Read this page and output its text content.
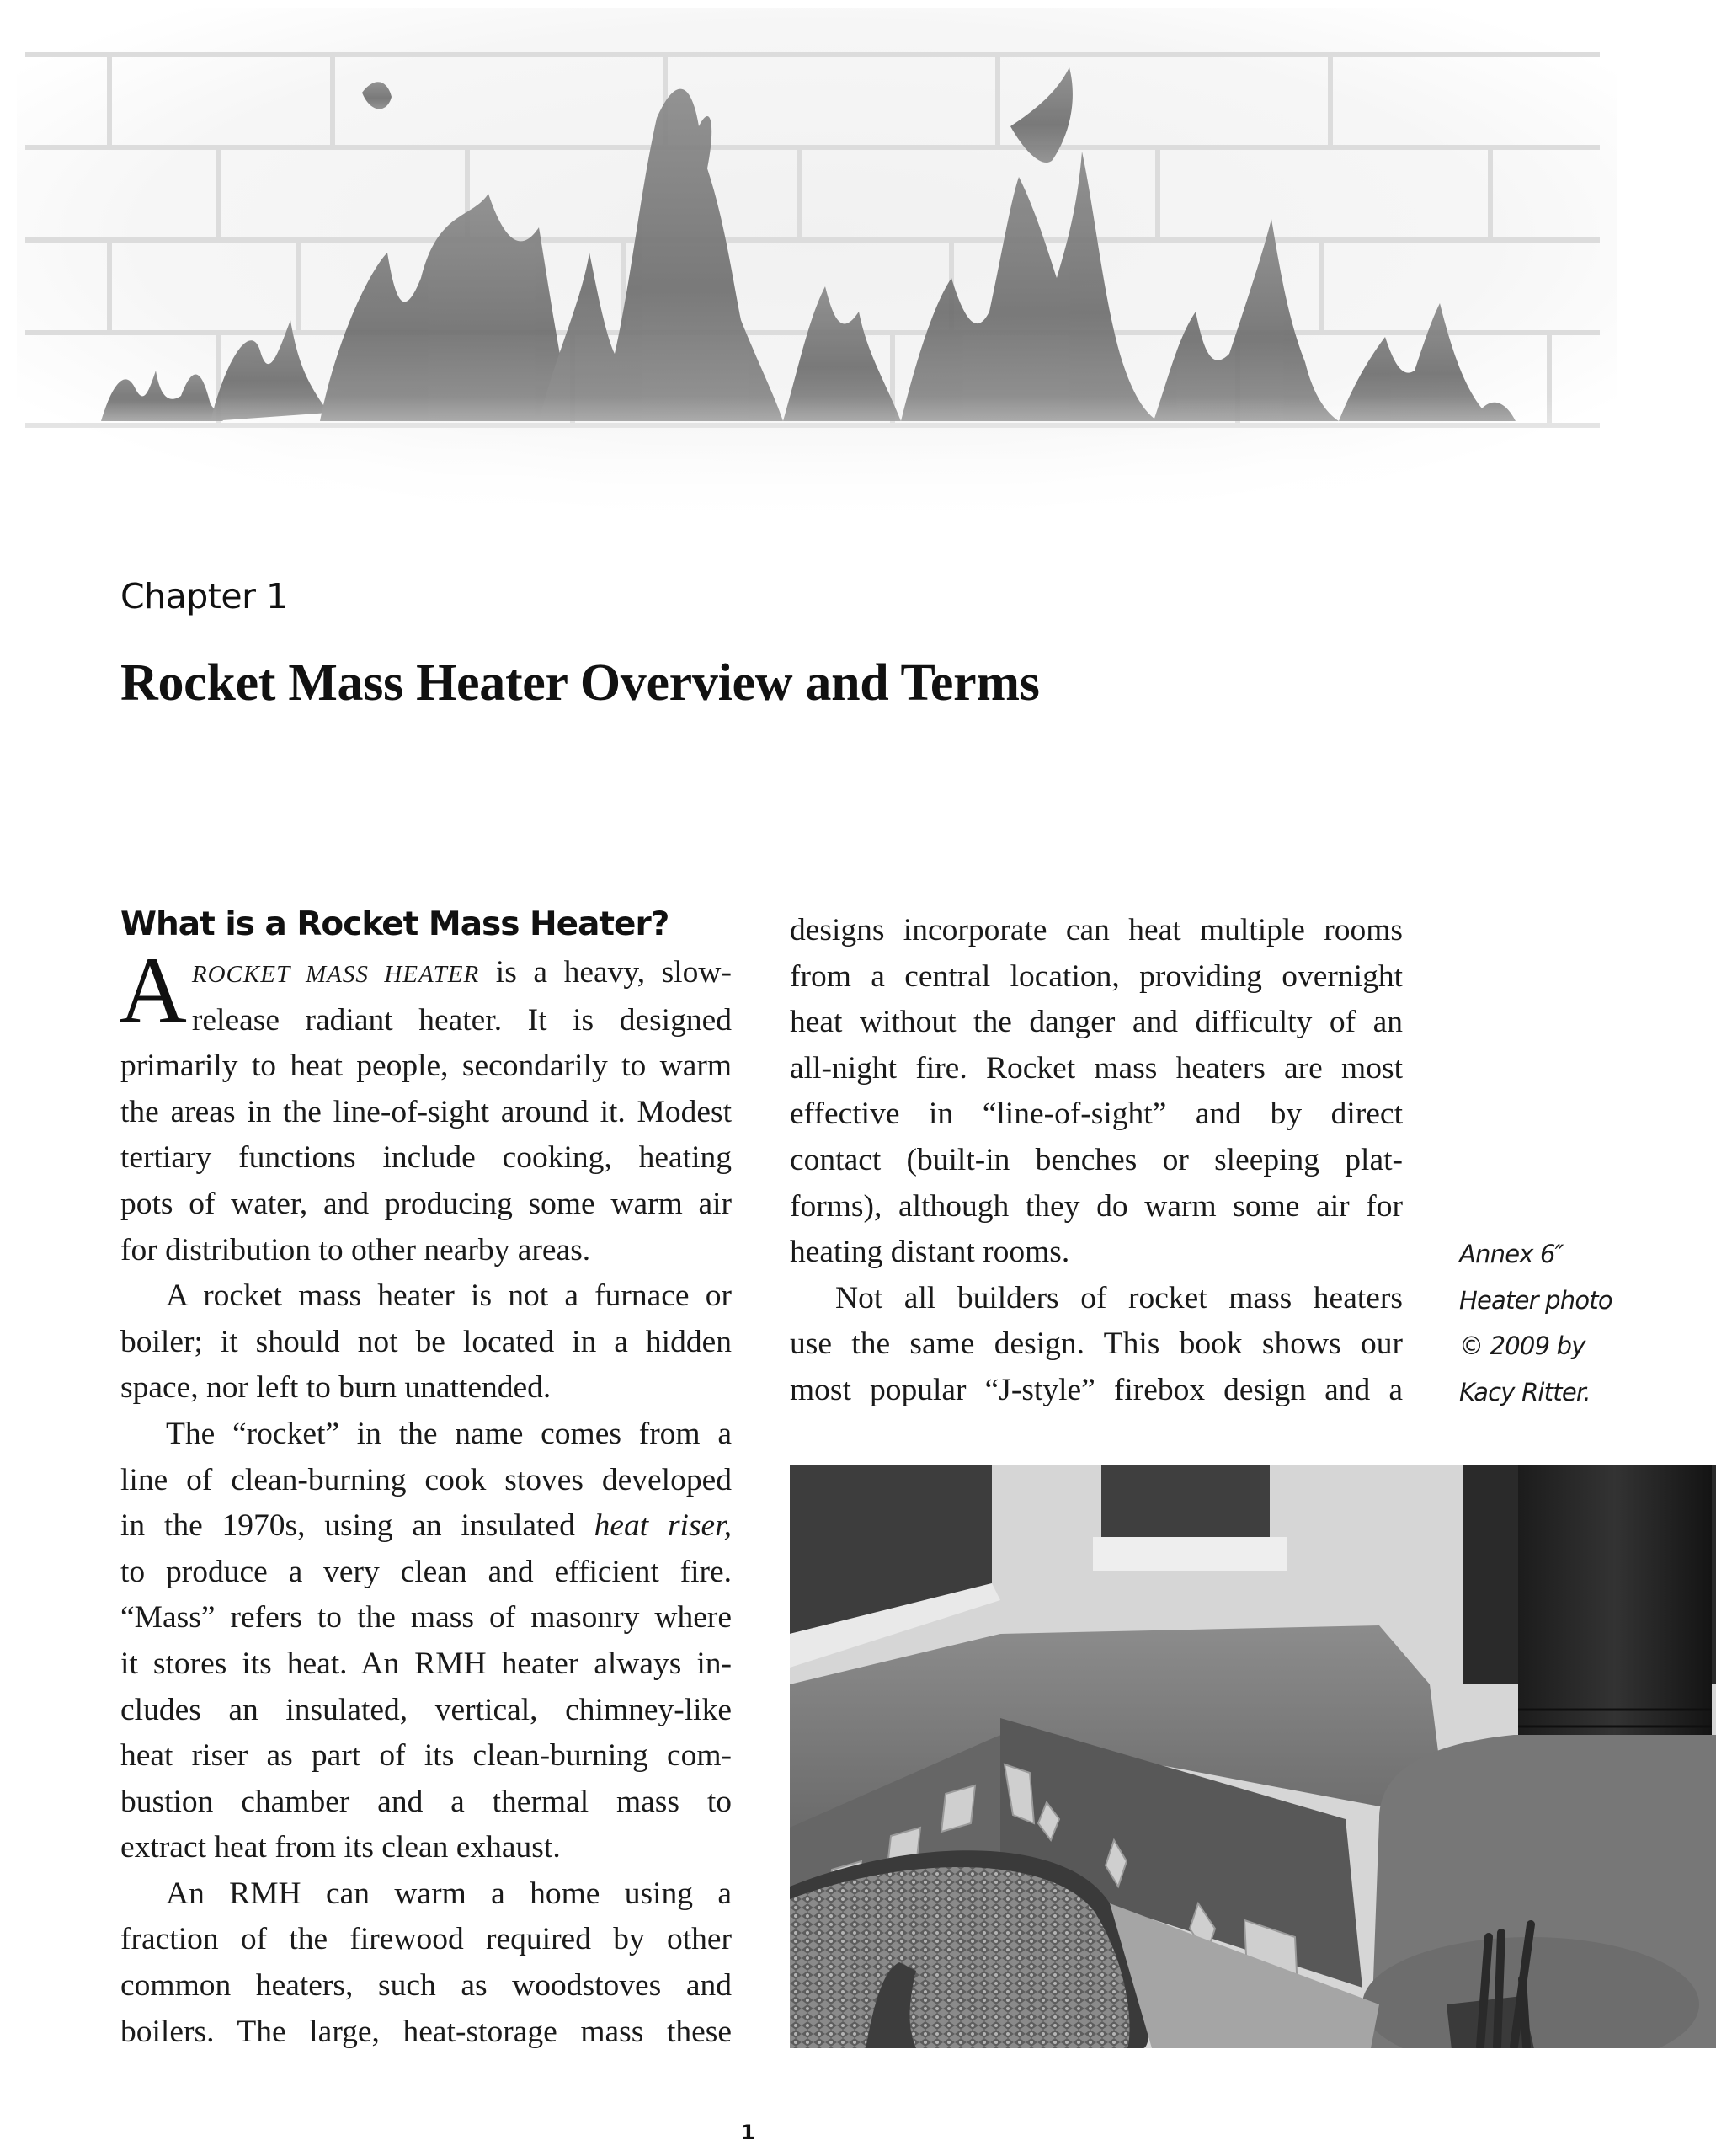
Chapter 1
Rocket Mass Heater Overview and Terms
What is a Rocket Mass Heater?
A ROCKET MASS HEATER is a heavy, slow-
release radiant heater. It is designed
primarily to heat people, secondarily to warm
the areas in the line-of-sight around it. Modest
tertiary functions include cooking, heating
pots of water, and producing some warm air
for distribution to other nearby areas.
A rocket mass heater is not a furnace or
boiler; it should not be located in a hidden
space, nor left to burn unattended.
The “rocket” in the name comes from a
line of clean-burning cook stoves developed
in the 1970s, using an insulated heat riser,
to produce a very clean and efficient fire.
“Mass” refers to the mass of masonry where
it stores its heat. An RMH heater always in-
cludes an insulated, vertical, chimney-like
heat riser as part of its clean-burning com-
bustion chamber and a thermal mass to
extract heat from its clean exhaust.
An RMH can warm a home using a
fraction of the firewood required by other
common heaters, such as woodstoves and
boilers. The large, heat-storage mass these
designs incorporate can heat multiple rooms
from a central location, providing overnight
heat without the danger and difficulty of an
all-night fire. Rocket mass heaters are most
effective in “line-of-sight” and by direct
contact (built-in benches or sleeping plat-
forms), although they do warm some air for
heating distant rooms.
Not all builders of rocket mass heaters
use the same design. This book shows our
most popular “J-style” firebox design and a
Annex 6″
Heater photo
© 2009 by
Kacy Ritter.
1
